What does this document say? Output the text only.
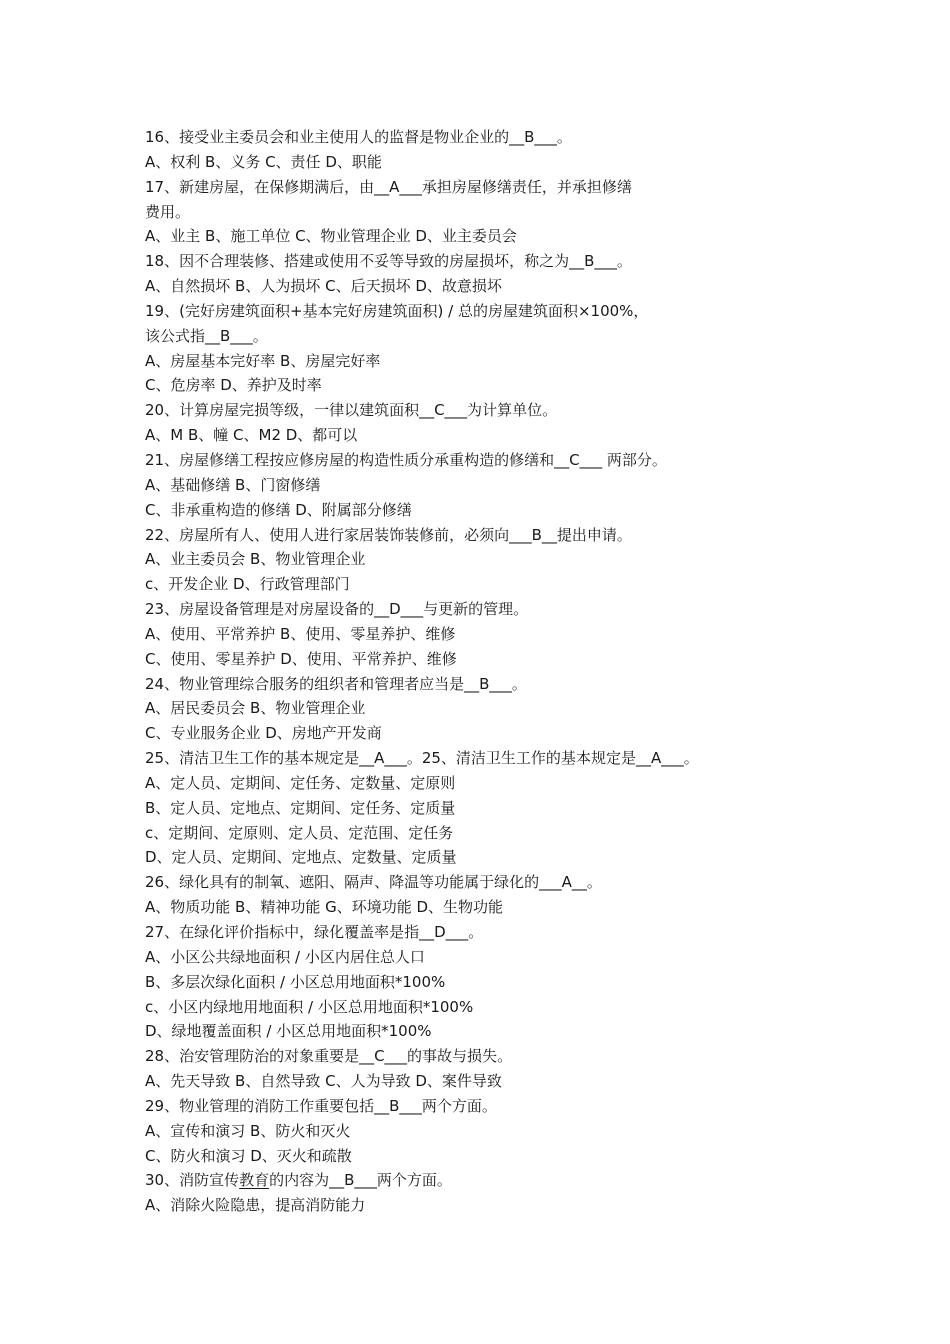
16、接受业主委员会和业主使用人的监督是物业企业的__B___。
A、权利 B、义务 C、责任 D、职能
17、新建房屋，在保修期满后，由__A___承担房屋修缮责任，并承担修缮
费用。
A、业主 B、施工单位 C、物业管理企业 D、业主委员会
18、因不合理装修、搭建或使用不妥等导致的房屋损坏，称之为__B___。
A、自然损坏 B、人为损坏 C、后天损坏 D、故意损坏
19、(完好房建筑面积+基本完好房建筑面积) / 总的房屋建筑面积×100%，
该公式指__B___。
A、房屋基本完好率 B、房屋完好率
C、危房率 D、养护及时率
20、计算房屋完损等级，一律以建筑面积__C___为计算单位。
A、M B、幢 C、M2 D、都可以
21、房屋修缮工程按应修房屋的构造性质分承重构造的修缮和__C___ 两部分。
A、基础修缮 B、门窗修缮
C、非承重构造的修缮 D、附属部分修缮
22、房屋所有人、使用人进行家居装饰装修前，必须向___B__提出申请。
A、业主委员会 B、物业管理企业
c、开发企业 D、行政管理部门
23、房屋设备管理是对房屋设备的__D___与更新的管理。
A、使用、平常养护 B、使用、零星养护、维修
C、使用、零星养护 D、使用、平常养护、维修
24、物业管理综合服务的组织者和管理者应当是__B___。
A、居民委员会 B、物业管理企业
C、专业服务企业 D、房地产开发商
25、清洁卫生工作的基本规定是__A___。25、清洁卫生工作的基本规定是__A___。
A、定人员、定期间、定任务、定数量、定原则
B、定人员、定地点、定期间、定任务、定质量
c、定期间、定原则、定人员、定范围、定任务
D、定人员、定期间、定地点、定数量、定质量
26、绿化具有的制氧、遮阳、隔声、降温等功能属于绿化的___A__。
A、物质功能 B、精神功能 G、环境功能 D、生物功能
27、在绿化评价指标中，绿化覆盖率是指__D___。
A、小区公共绿地面积 / 小区内居住总人口
B、多层次绿化面积 / 小区总用地面积*100%
c、小区内绿地用地面积 / 小区总用地面积*100%
D、绿地覆盖面积 / 小区总用地面积*100%
28、治安管理防治的对象重要是__C___的事故与损失。
A、先天导致 B、自然导致 C、人为导致 D、案件导致
29、物业管理的消防工作重要包括__B___两个方面。
A、宣传和演习 B、防火和灭火
C、防火和演习 D、灭火和疏散
30、消防宣传教育的内容为__B___两个方面。
A、消除火险隐患，提高消防能力
